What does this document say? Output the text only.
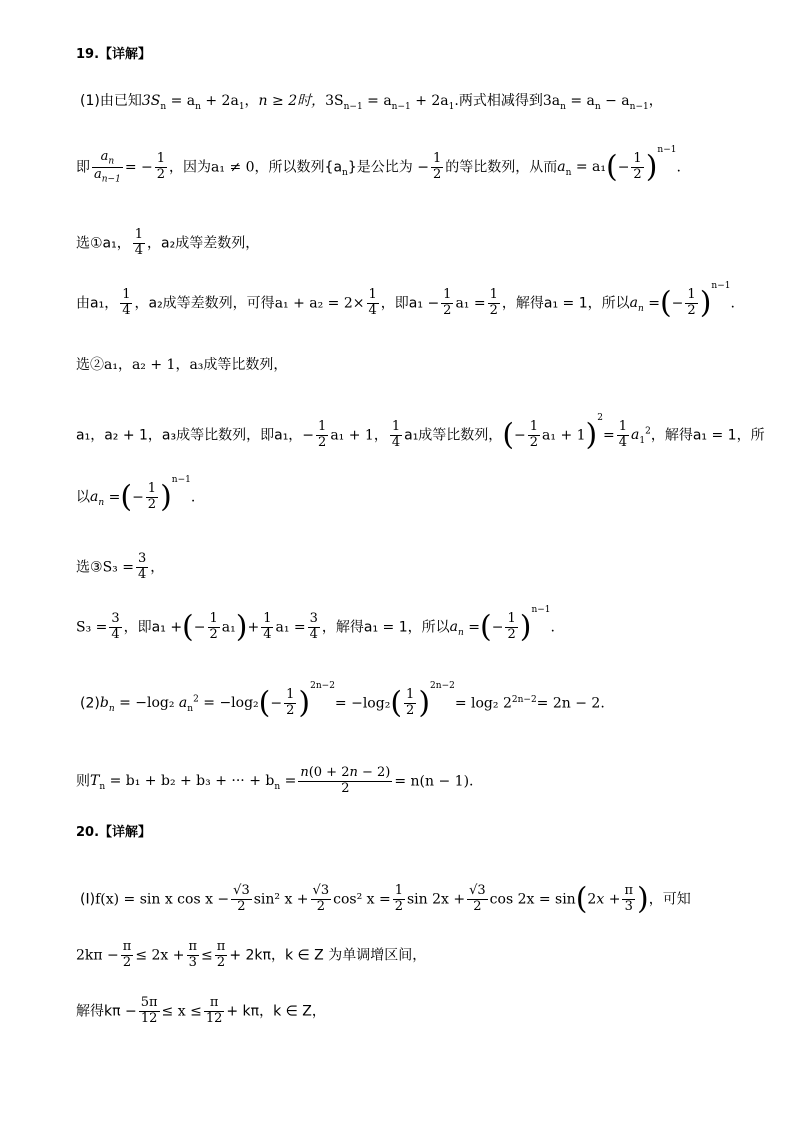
19.【详解】
(1)由已知$3S_n = a_n + 2a_1$，n ≥ 2时，$3S_{n-1} = a_{n-1} + 2a_1$.两式相减得到$3a_n = a_n - a_{n-1}$，
即 $\frac{a_n}{a_{n-1}}$ = − $\frac{1}{2}$ ，因为a₁ ≠ 0，所以数列$\{a_n\}$是公比为 − $\frac{1}{2}$ 的等比数列，从而$a_n = a_1(- \frac{1}{2} )^{n-1}$.
选①a₁， $\frac{1}{4}$ ，a₂成等差数列，
由a₁， $\frac{1}{4}$ ，a₂成等差数列，可得$a_1 + a_2 = 2\times \frac{1}{4}$ ，即$a_1 - \frac{1}{2} a_1 = \frac{1}{2}$ ，解得a₁ = 1，所以$a_n$ =(− $\frac{1}{2} )^{n-1}$.
选②a₁，a₂ + 1，a₃成等比数列，
a₁，a₂ + 1，a₃成等比数列，即a₁，− $\frac{1}{2} a_1 + 1$， $\frac{1}{4} a_1$成等比数列，(− $\frac{1}{2} a_1 + 1)^2= \frac{1}{4} a_1^2$，解得a₁ = 1，所
以$a_n$ =(− $\frac{1}{2} )^{n-1}$.
选③S₃ = $\frac{3}{4}$ ，
$S_3 = \frac{3}{4}$ ，即a₁ +(− $\frac{1}{2} a_1)+ \frac{1}{4} a_1 = \frac{3}{4}$ ，解得a₁ = 1，所以$a_n$ =(− $\frac{1}{2} )^{n-1}$.
$(2)b_n = -\log_2$ $a_n^2 = -\log_2(- \frac{1}{2} )^{2n-2}= -\log_2( \frac{1}{2} )^{2n-2}= \log_2$ $2^{2n-2}= 2n - 2$.
则$T_n = b_1 + b_2 + b_3$ + ··· + $b_n = \frac{n(0 + 2n - 2)}{2} = n(n - 1)$.
20.【详解】
(Ⅰ)f(x) = sin x $\cos x - \frac{√3}{2} \sin^2$ $x + \frac{√3}{2} \cos^2$ $x = \frac{1}{2}$ $\sin 2x + \frac{√3}{2}$ $\cos 2x = \sin(2x + \frac{\pi}{3}$ )，可知
$2k\pi - \frac{\pi}{2} \le 2x + \frac{\pi}{3} \le \frac{\pi}{2} + 2k\pi$，k ∈ Z 为单调增区间，
解得$k\pi - \frac{5\pi}{12} \le x \le \frac{\pi}{12} + k\pi$，k ∈ Z，
